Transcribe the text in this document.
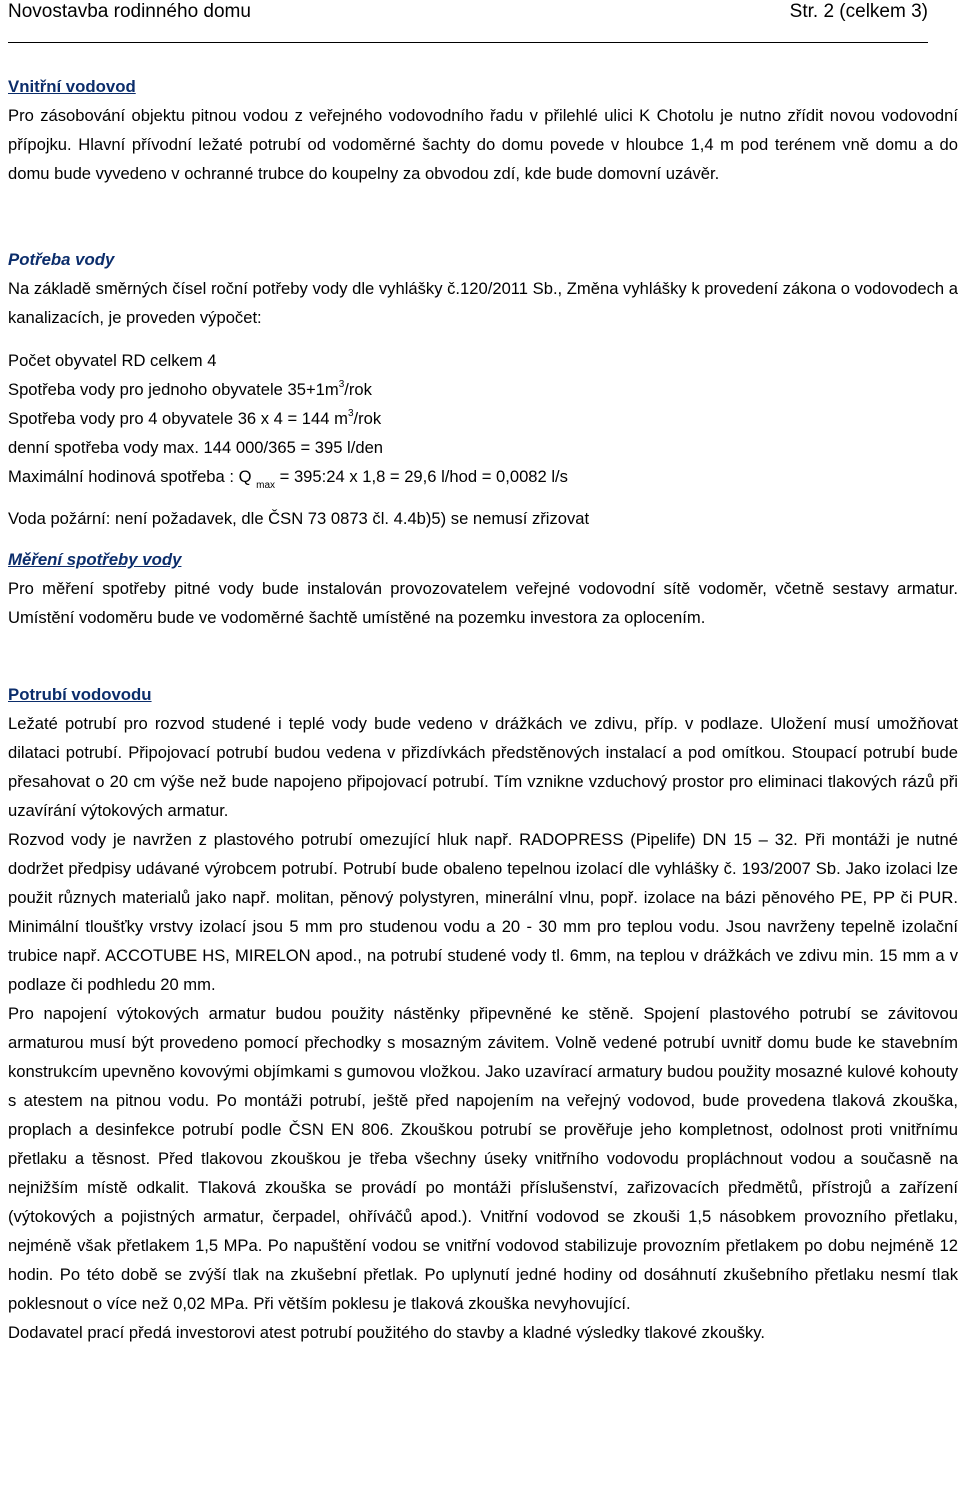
Novostavba rodinného domu	Str. 2 (celkem 3)
Vnitřní vodovod
Pro zásobování objektu pitnou vodou z veřejného vodovodního řadu v přilehlé ulici K Chotolu je nutno zřídit novou vodovodní přípojku. Hlavní přívodní ležaté potrubí od vodoměrné šachty do domu povede v hloubce 1,4 m pod terénem vně domu a do domu bude vyvedeno v ochranné trubce do koupelny za obvodou zdí, kde bude domovní uzávěr.
Potřeba vody
Na základě směrných čísel roční potřeby vody dle vyhlášky č.120/2011 Sb., Změna vyhlášky k provedení zákona o vodovodech a kanalizacích, je proveden výpočet:
Počet obyvatel RD celkem 4
Spotřeba vody pro jednoho obyvatele $35+1m^3$/rok
Spotřeba vody pro 4 obyvatele 36 x 4 = 144 $m^3$/rok
denní spotřeba vody max. 144 000/365 = 395 l/den
Maximální hodinová spotřeba : Q $_{max}$ = 395:24 x 1,8 = 29,6 l/hod = 0,0082 l/s
Voda požární: není požadavek, dle ČSN 73 0873 čl. 4.4b)5) se nemusí zřizovat
Měření spotřeby vody
Pro měření spotřeby pitné vody bude instalován provozovatelem veřejné vodovodní sítě vodoměr, včetně sestavy armatur. Umístění vodoměru bude ve vodoměrné šachtě umístěné na pozemku investora za oplocením.
Potrubí vodovodu
Ležaté potrubí pro rozvod studené i teplé vody bude vedeno v drážkách ve zdivu, příp. v podlaze. Uložení musí umožňovat dilataci potrubí. Připojovací potrubí budou vedena v přizdívkách předstěnových instalací a pod omítkou. Stoupací potrubí bude přesahovat o 20 cm výše než bude napojeno připojovací potrubí. Tím vznikne vzduchový prostor pro eliminaci tlakových rázů při uzavírání výtokových armatur.
Rozvod vody je navržen z plastového potrubí omezující hluk např. RADOPRESS (Pipelife) DN 15 – 32. Při montáži je nutné dodržet předpisy udávané výrobcem potrubí. Potrubí bude obaleno tepelnou izolací dle vyhlášky č. 193/2007 Sb. Jako izolaci lze použit různych materialů jako např. molitan, pěnový polystyren, minerální vlnu, popř. izolace na bázi pěnového PE, PP či PUR. Minimální tloušťky vrstvy izolací jsou 5 mm pro studenou vodu a 20 - 30 mm pro teplou vodu. Jsou navrženy tepelně izolační trubice např. ACCOTUBE HS, MIRELON apod., na potrubí studené vody tl. 6mm, na teplou v drážkách ve zdivu min. 15 mm a v podlaze či podhledu 20 mm.
Pro napojení výtokových armatur budou použity nástěnky připevněné ke stěně. Spojení plastového potrubí se závitovou armaturou musí být provedeno pomocí přechodky s mosazným závitem. Volně vedené potrubí uvnitř domu bude ke stavebním konstrukcím upevněno kovovými objímkami s gumovou vložkou. Jako uzavírací armatury budou použity mosazné kulové kohouty s atestem na pitnou vodu. Po montáži potrubí, ještě před napojením na veřejný vodovod, bude provedena tlaková zkouška, proplach a desinfekce potrubí podle ČSN EN 806. Zkouškou potrubí se prověřuje jeho kompletnost, odolnost proti vnitřnímu přetlaku a těsnost. Před tlakovou zkouškou je třeba všechny úseky vnitřního vodovodu propláchnout vodou a současně na nejnižším místě odkalit. Tlaková zkouška se provádí po montáži příslušenství, zařizovacích předmětů, přístrojů a zařízení (výtokových a pojistných armatur, čerpadel, ohříváčů apod.). Vnitřní vodovod se zkouši 1,5 násobkem provozního přetlaku, nejméně však přetlakem 1,5 MPa. Po napuštění vodou se vnitřní vodovod stabilizuje provozním přetlakem po dobu nejméně 12 hodin. Po této době se zvýší tlak na zkušební přetlak. Po uplynutí jedné hodiny od dosáhnutí zkušebního přetlaku nesmí tlak poklesnout o více než 0,02 MPa. Při větším poklesu je tlaková zkouška nevyhovující.
Dodavatel prací předá investorovi atest potrubí použitého do stavby a kladné výsledky tlakové zkoušky.
